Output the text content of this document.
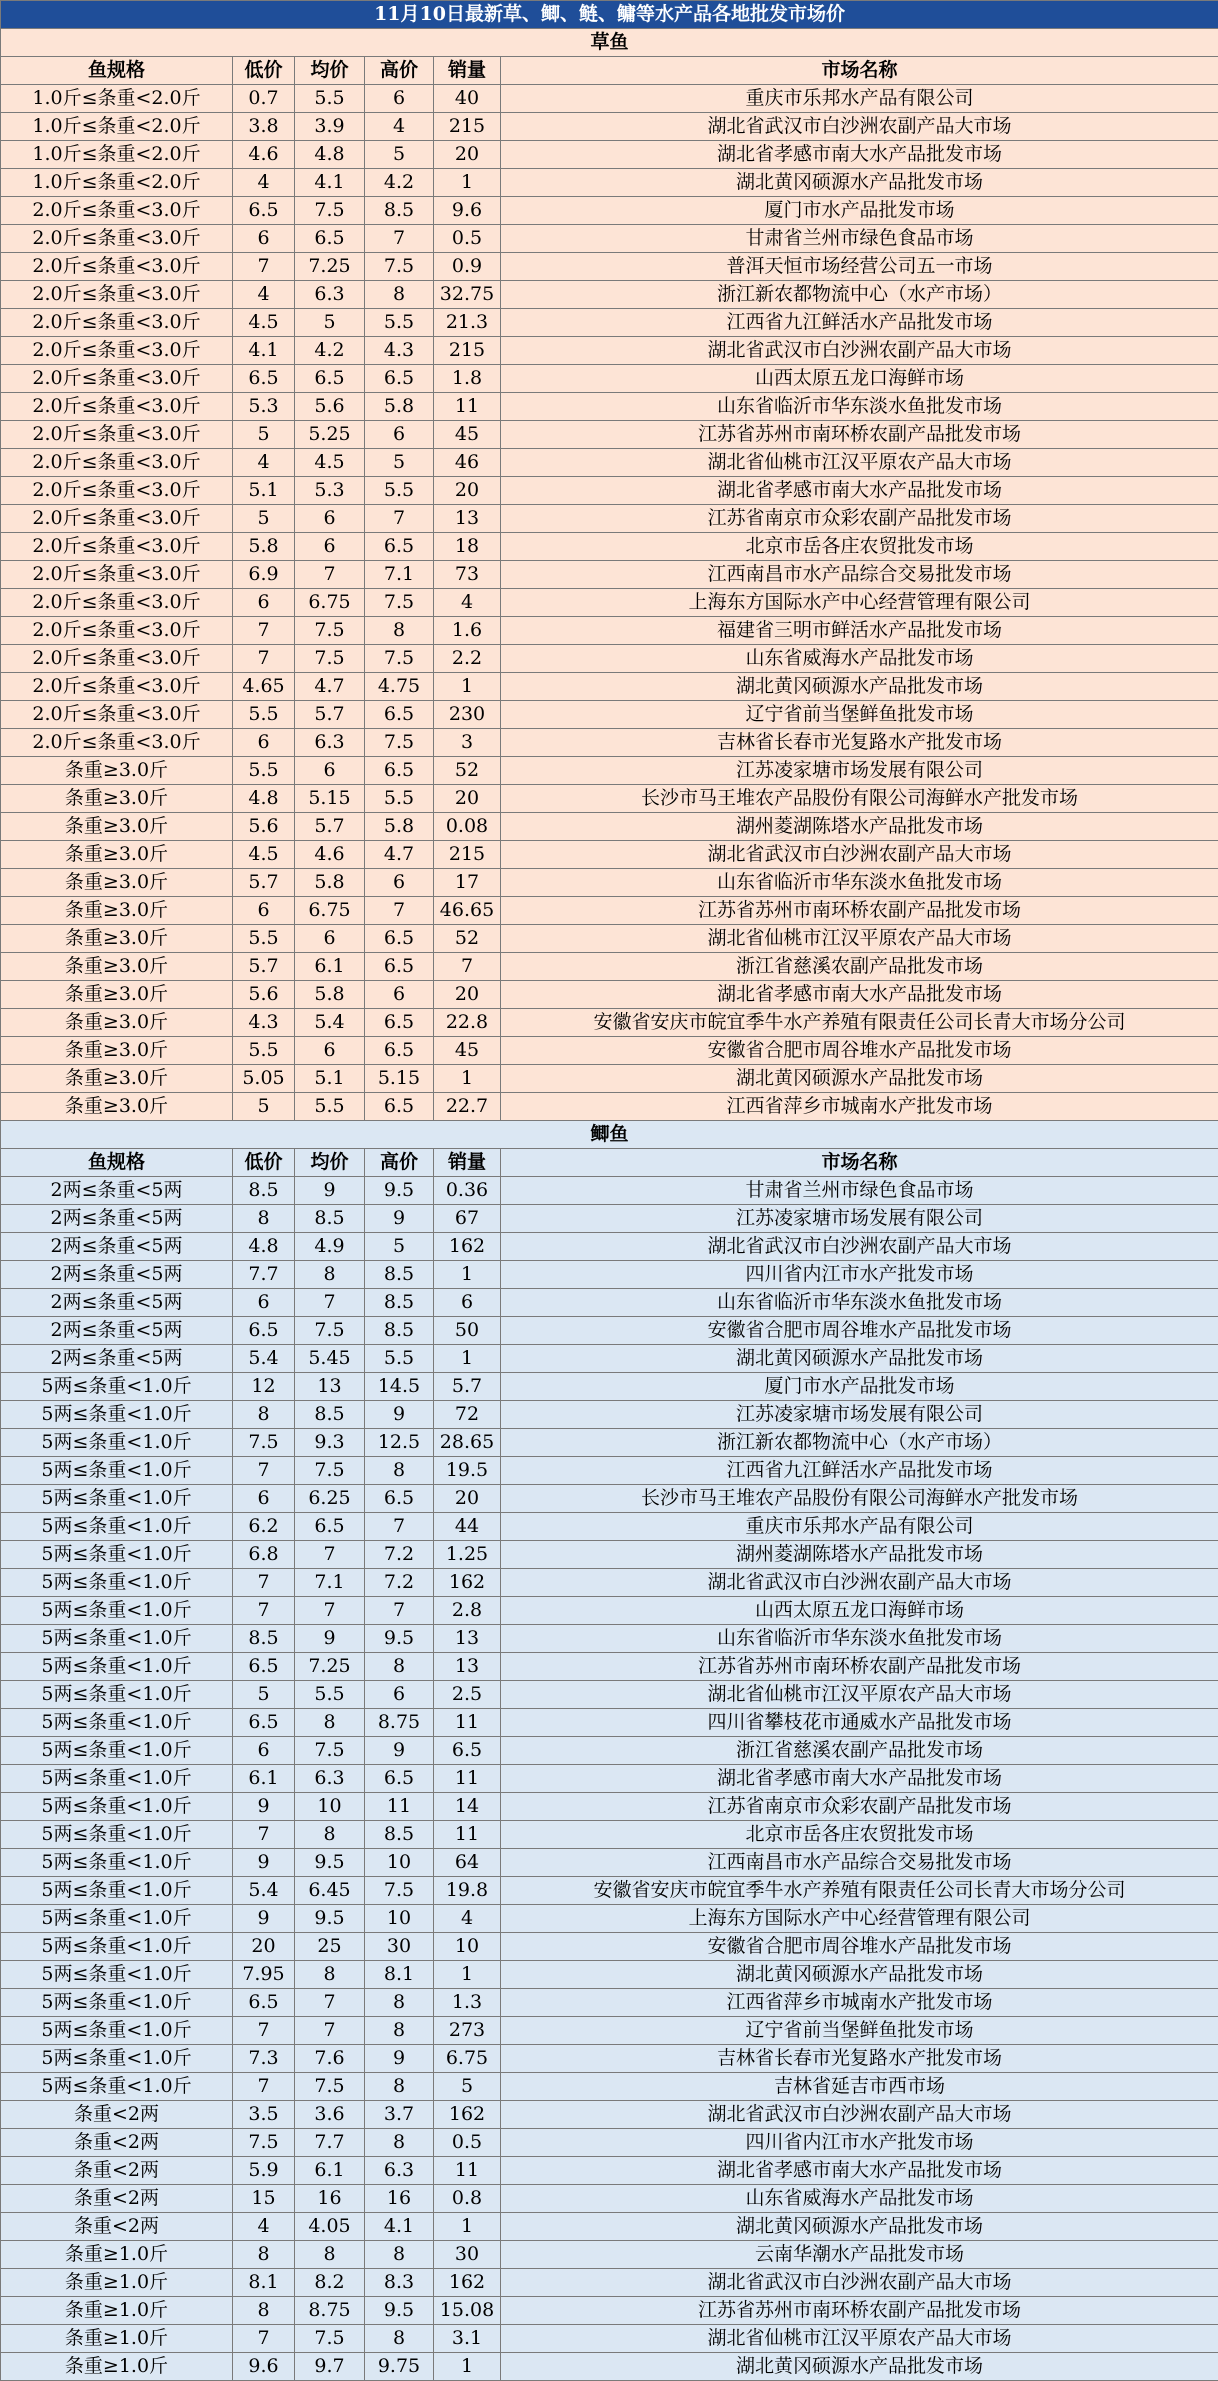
11月10日最新草、鲫、鲢、鳙等水产品各地批发市场价					
草鱼					
鱼规格	低价	均价	高价	销量	市场名称
1.0斤≤条重<2.0斤	0.7	5.5	6	40	重庆市乐邦水产品有限公司
1.0斤≤条重<2.0斤	3.8	3.9	4	215	湖北省武汉市白沙洲农副产品大市场
1.0斤≤条重<2.0斤	4.6	4.8	5	20	湖北省孝感市南大水产品批发市场
1.0斤≤条重<2.0斤	4	4.1	4.2	1	湖北黄冈硕源水产品批发市场
2.0斤≤条重<3.0斤	6.5	7.5	8.5	9.6	厦门市水产品批发市场
2.0斤≤条重<3.0斤	6	6.5	7	0.5	甘肃省兰州市绿色食品市场
2.0斤≤条重<3.0斤	7	7.25	7.5	0.9	普洱天恒市场经营公司五一市场
2.0斤≤条重<3.0斤	4	6.3	8	32.75	浙江新农都物流中心（水产市场）
2.0斤≤条重<3.0斤	4.5	5	5.5	21.3	江西省九江鲜活水产品批发市场
2.0斤≤条重<3.0斤	4.1	4.2	4.3	215	湖北省武汉市白沙洲农副产品大市场
2.0斤≤条重<3.0斤	6.5	6.5	6.5	1.8	山西太原五龙口海鲜市场
2.0斤≤条重<3.0斤	5.3	5.6	5.8	11	山东省临沂市华东淡水鱼批发市场
2.0斤≤条重<3.0斤	5	5.25	6	45	江苏省苏州市南环桥农副产品批发市场
2.0斤≤条重<3.0斤	4	4.5	5	46	湖北省仙桃市江汉平原农产品大市场
2.0斤≤条重<3.0斤	5.1	5.3	5.5	20	湖北省孝感市南大水产品批发市场
2.0斤≤条重<3.0斤	5	6	7	13	江苏省南京市众彩农副产品批发市场
2.0斤≤条重<3.0斤	5.8	6	6.5	18	北京市岳各庄农贸批发市场
2.0斤≤条重<3.0斤	6.9	7	7.1	73	江西南昌市水产品综合交易批发市场
2.0斤≤条重<3.0斤	6	6.75	7.5	4	上海东方国际水产中心经营管理有限公司
2.0斤≤条重<3.0斤	7	7.5	8	1.6	福建省三明市鲜活水产品批发市场
2.0斤≤条重<3.0斤	7	7.5	7.5	2.2	山东省威海水产品批发市场
2.0斤≤条重<3.0斤	4.65	4.7	4.75	1	湖北黄冈硕源水产品批发市场
2.0斤≤条重<3.0斤	5.5	5.7	6.5	230	辽宁省前当堡鲜鱼批发市场
2.0斤≤条重<3.0斤	6	6.3	7.5	3	吉林省长春市光复路水产批发市场
条重≥3.0斤	5.5	6	6.5	52	江苏凌家塘市场发展有限公司
条重≥3.0斤	4.8	5.15	5.5	20	长沙市马王堆农产品股份有限公司海鲜水产批发市场
条重≥3.0斤	5.6	5.7	5.8	0.08	湖州菱湖陈塔水产品批发市场
条重≥3.0斤	4.5	4.6	4.7	215	湖北省武汉市白沙洲农副产品大市场
条重≥3.0斤	5.7	5.8	6	17	山东省临沂市华东淡水鱼批发市场
条重≥3.0斤	6	6.75	7	46.65	江苏省苏州市南环桥农副产品批发市场
条重≥3.0斤	5.5	6	6.5	52	湖北省仙桃市江汉平原农产品大市场
条重≥3.0斤	5.7	6.1	6.5	7	浙江省慈溪农副产品批发市场
条重≥3.0斤	5.6	5.8	6	20	湖北省孝感市南大水产品批发市场
条重≥3.0斤	4.3	5.4	6.5	22.8	安徽省安庆市皖宜季牛水产养殖有限责任公司长青大市场分公司
条重≥3.0斤	5.5	6	6.5	45	安徽省合肥市周谷堆水产品批发市场
条重≥3.0斤	5.05	5.1	5.15	1	湖北黄冈硕源水产品批发市场
条重≥3.0斤	5	5.5	6.5	22.7	江西省萍乡市城南水产批发市场
鲫鱼					
鱼规格	低价	均价	高价	销量	市场名称
2两≤条重<5两	8.5	9	9.5	0.36	甘肃省兰州市绿色食品市场
2两≤条重<5两	8	8.5	9	67	江苏凌家塘市场发展有限公司
2两≤条重<5两	4.8	4.9	5	162	湖北省武汉市白沙洲农副产品大市场
2两≤条重<5两	7.7	8	8.5	1	四川省内江市水产批发市场
2两≤条重<5两	6	7	8.5	6	山东省临沂市华东淡水鱼批发市场
2两≤条重<5两	6.5	7.5	8.5	50	安徽省合肥市周谷堆水产品批发市场
2两≤条重<5两	5.4	5.45	5.5	1	湖北黄冈硕源水产品批发市场
5两≤条重<1.0斤	12	13	14.5	5.7	厦门市水产品批发市场
5两≤条重<1.0斤	8	8.5	9	72	江苏凌家塘市场发展有限公司
5两≤条重<1.0斤	7.5	9.3	12.5	28.65	浙江新农都物流中心（水产市场）
5两≤条重<1.0斤	7	7.5	8	19.5	江西省九江鲜活水产品批发市场
5两≤条重<1.0斤	6	6.25	6.5	20	长沙市马王堆农产品股份有限公司海鲜水产批发市场
5两≤条重<1.0斤	6.2	6.5	7	44	重庆市乐邦水产品有限公司
5两≤条重<1.0斤	6.8	7	7.2	1.25	湖州菱湖陈塔水产品批发市场
5两≤条重<1.0斤	7	7.1	7.2	162	湖北省武汉市白沙洲农副产品大市场
5两≤条重<1.0斤	7	7	7	2.8	山西太原五龙口海鲜市场
5两≤条重<1.0斤	8.5	9	9.5	13	山东省临沂市华东淡水鱼批发市场
5两≤条重<1.0斤	6.5	7.25	8	13	江苏省苏州市南环桥农副产品批发市场
5两≤条重<1.0斤	5	5.5	6	2.5	湖北省仙桃市江汉平原农产品大市场
5两≤条重<1.0斤	6.5	8	8.75	11	四川省攀枝花市通威水产品批发市场
5两≤条重<1.0斤	6	7.5	9	6.5	浙江省慈溪农副产品批发市场
5两≤条重<1.0斤	6.1	6.3	6.5	11	湖北省孝感市南大水产品批发市场
5两≤条重<1.0斤	9	10	11	14	江苏省南京市众彩农副产品批发市场
5两≤条重<1.0斤	7	8	8.5	11	北京市岳各庄农贸批发市场
5两≤条重<1.0斤	9	9.5	10	64	江西南昌市水产品综合交易批发市场
5两≤条重<1.0斤	5.4	6.45	7.5	19.8	安徽省安庆市皖宜季牛水产养殖有限责任公司长青大市场分公司
5两≤条重<1.0斤	9	9.5	10	4	上海东方国际水产中心经营管理有限公司
5两≤条重<1.0斤	20	25	30	10	安徽省合肥市周谷堆水产品批发市场
5两≤条重<1.0斤	7.95	8	8.1	1	湖北黄冈硕源水产品批发市场
5两≤条重<1.0斤	6.5	7	8	1.3	江西省萍乡市城南水产批发市场
5两≤条重<1.0斤	7	7	8	273	辽宁省前当堡鲜鱼批发市场
5两≤条重<1.0斤	7.3	7.6	9	6.75	吉林省长春市光复路水产批发市场
5两≤条重<1.0斤	7	7.5	8	5	吉林省延吉市西市场
条重<2两	3.5	3.6	3.7	162	湖北省武汉市白沙洲农副产品大市场
条重<2两	7.5	7.7	8	0.5	四川省内江市水产批发市场
条重<2两	5.9	6.1	6.3	11	湖北省孝感市南大水产品批发市场
条重<2两	15	16	16	0.8	山东省威海水产品批发市场
条重<2两	4	4.05	4.1	1	湖北黄冈硕源水产品批发市场
条重≥1.0斤	8	8	8	30	云南华潮水产品批发市场
条重≥1.0斤	8.1	8.2	8.3	162	湖北省武汉市白沙洲农副产品大市场
条重≥1.0斤	8	8.75	9.5	15.08	江苏省苏州市南环桥农副产品批发市场
条重≥1.0斤	7	7.5	8	3.1	湖北省仙桃市江汉平原农产品大市场
条重≥1.0斤	9.6	9.7	9.75	1	湖北黄冈硕源水产品批发市场
